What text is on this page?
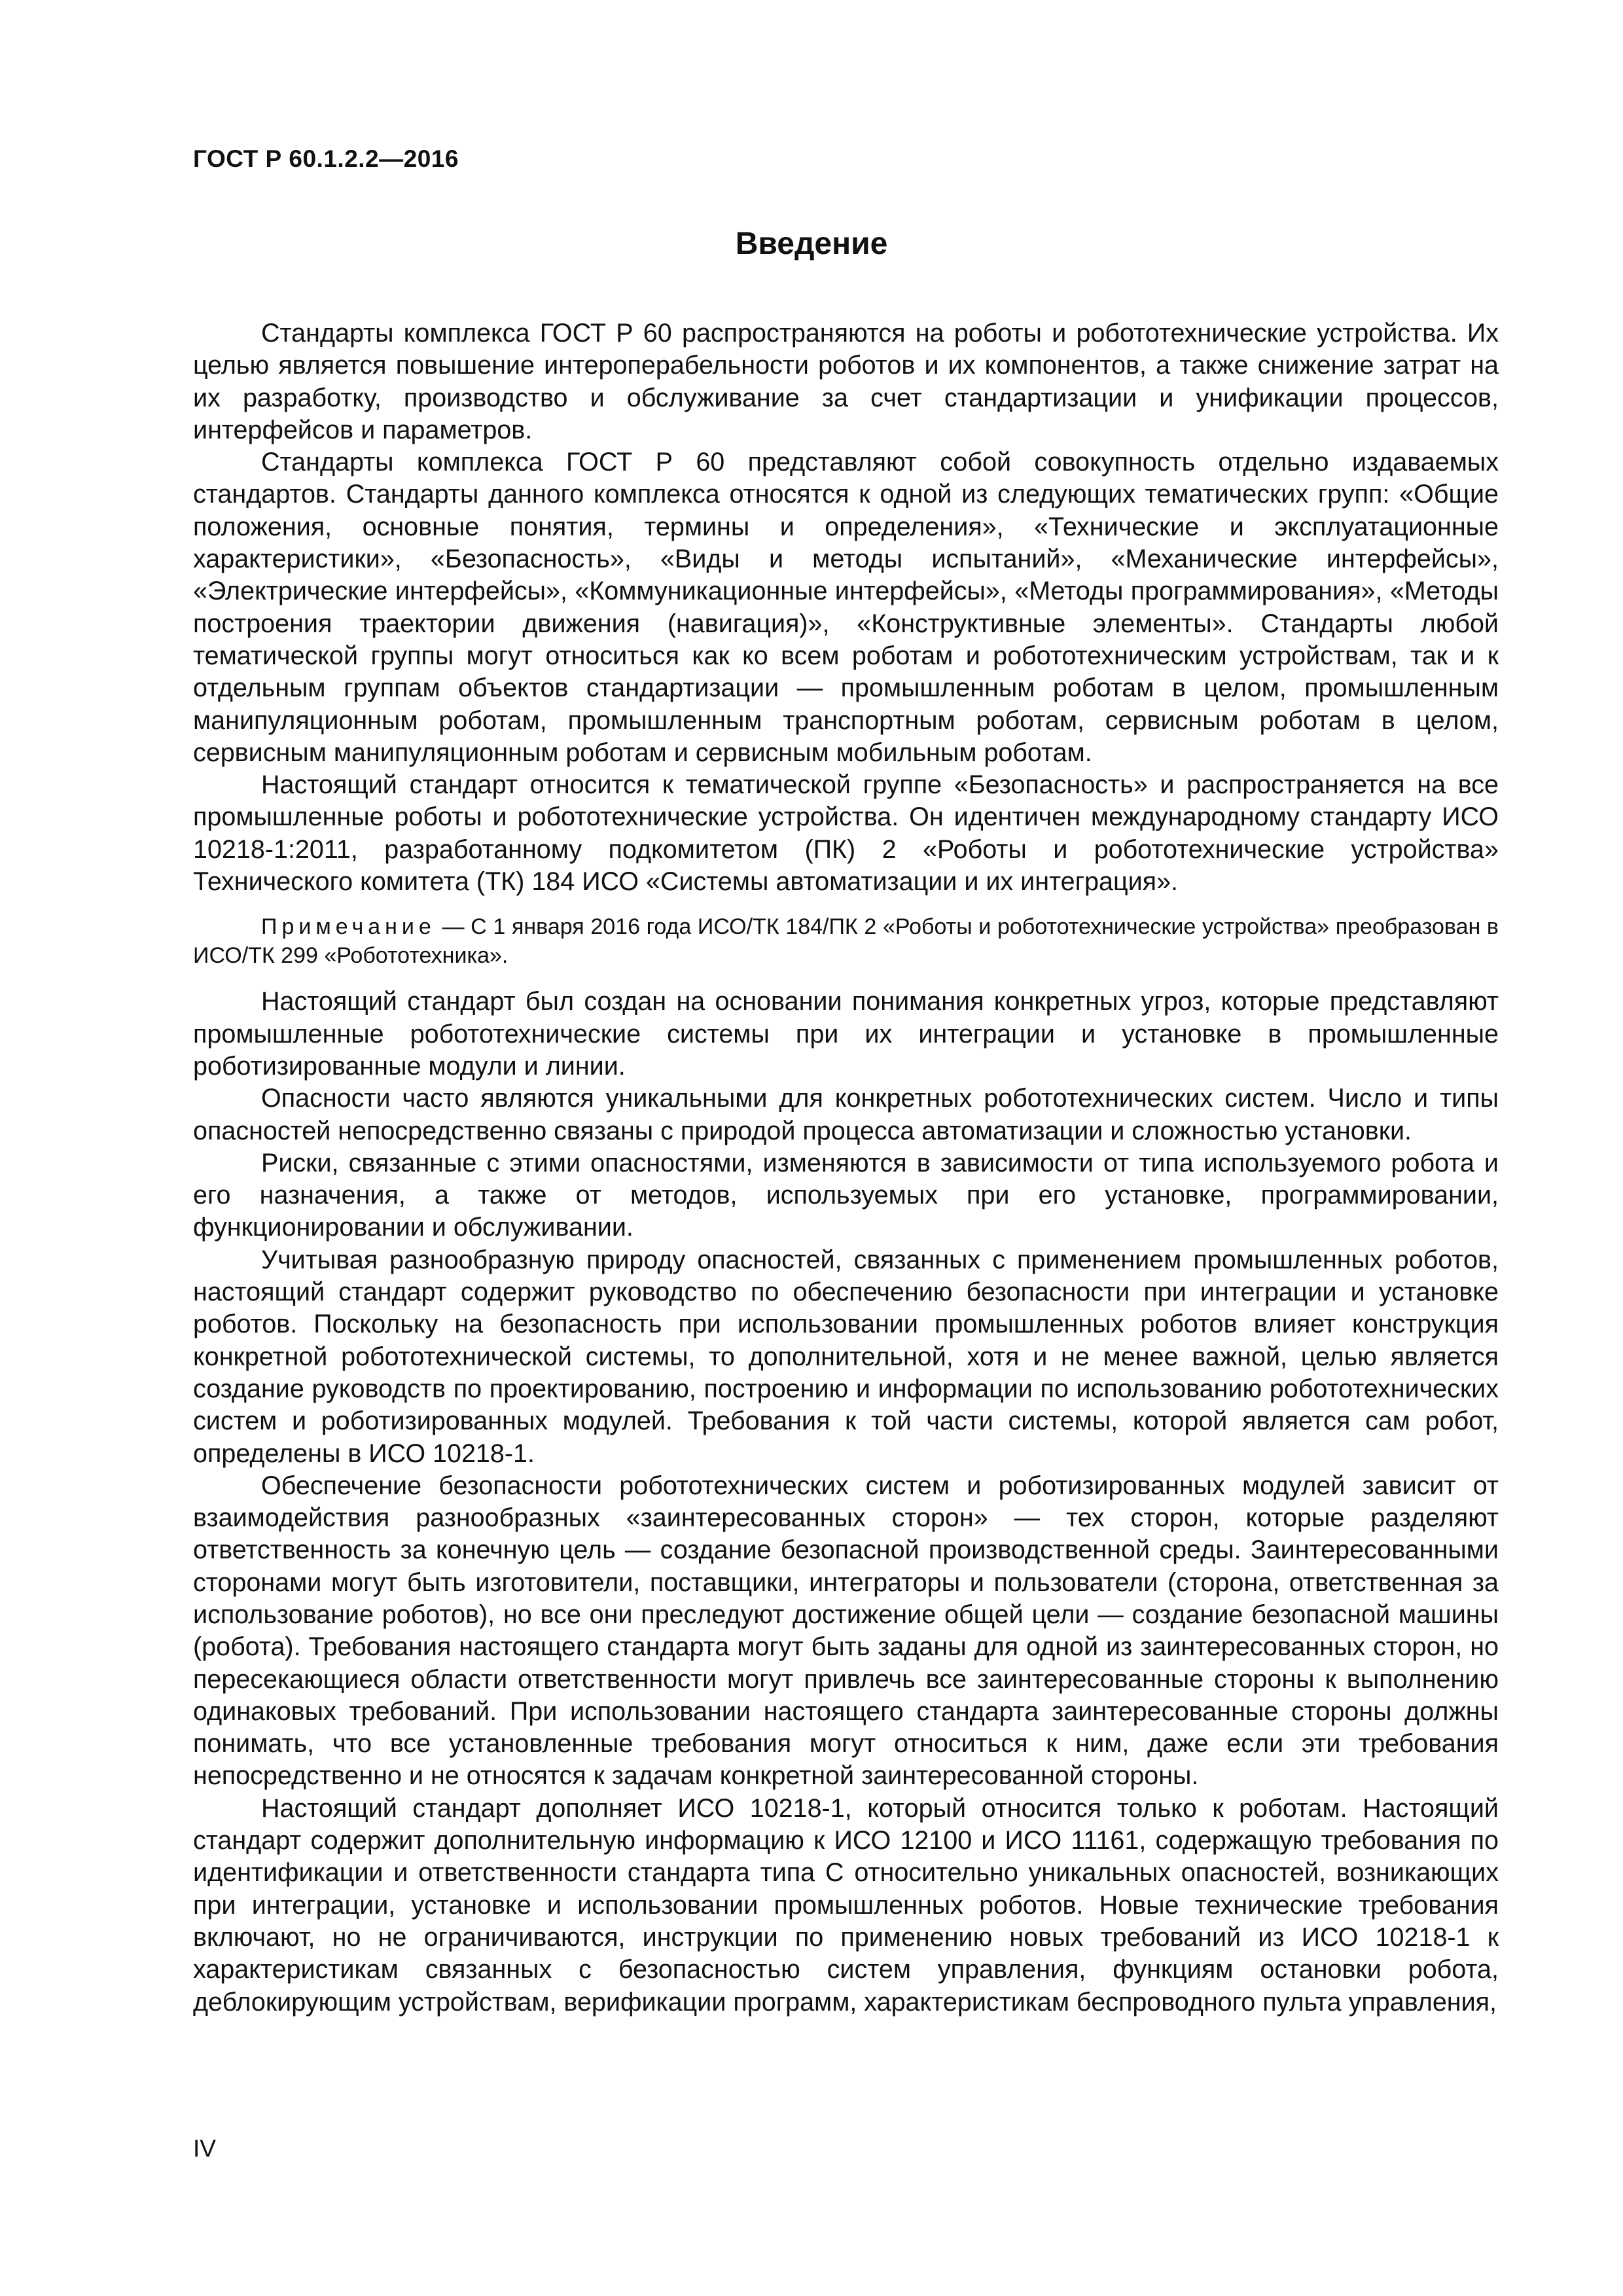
ГОСТ Р 60.1.2.2—2016
Введение

Стандарты комплекса ГОСТ Р 60 распространяются на роботы и робототехнические устройства. Их целью является повышение интероперабельности роботов и их компонентов, а также снижение затрат на их разработку, производство и обслуживание за счет стандартизации и унификации процессов, интерфейсов и параметров.

Стандарты комплекса ГОСТ Р 60 представляют собой совокупность отдельно издаваемых стандартов. Стандарты данного комплекса относятся к одной из следующих тематических групп: «Общие положения, основные понятия, термины и определения», «Технические и эксплуатационные характеристики», «Безопасность», «Виды и методы испытаний», «Механические интерфейсы», «Электрические интерфейсы», «Коммуникационные интерфейсы», «Методы программирования», «Методы построения траектории движения (навигация)», «Конструктивные элементы». Стандарты любой тематической группы могут относиться как ко всем роботам и робототехническим устройствам, так и к отдельным группам объектов стандартизации — промышленным роботам в целом, промышленным манипуляционным роботам, промышленным транспортным роботам, сервисным роботам в целом, сервисным манипуляционным роботам и сервисным мобильным роботам.

Настоящий стандарт относится к тематической группе «Безопасность» и распространяется на все промышленные роботы и робототехнические устройства. Он идентичен международному стандарту ИСО 10218-1:2011, разработанному подкомитетом (ПК) 2 «Роботы и робототехнические устройства» Технического комитета (ТК) 184 ИСО «Системы автоматизации и их интеграция».

Примечание — С 1 января 2016 года ИСО/ТК 184/ПК 2 «Роботы и робототехнические устройства» преобразован в ИСО/ТК 299 «Робототехника».

Настоящий стандарт был создан на основании понимания конкретных угроз, которые представляют промышленные робототехнические системы при их интеграции и установке в промышленные роботизированные модули и линии.

Опасности часто являются уникальными для конкретных робототехнических систем. Число и типы опасностей непосредственно связаны с природой процесса автоматизации и сложностью установки.

Риски, связанные с этими опасностями, изменяются в зависимости от типа используемого робота и его назначения, а также от методов, используемых при его установке, программировании, функционировании и обслуживании.

Учитывая разнообразную природу опасностей, связанных с применением промышленных роботов, настоящий стандарт содержит руководство по обеспечению безопасности при интеграции и установке роботов. Поскольку на безопасность при использовании промышленных роботов влияет конструкция конкретной робототехнической системы, то дополнительной, хотя и не менее важной, целью является создание руководств по проектированию, построению и информации по использованию робототехнических систем и роботизированных модулей. Требования к той части системы, которой является сам робот, определены в ИСО 10218-1.

Обеспечение безопасности робототехнических систем и роботизированных модулей зависит от взаимодействия разнообразных «заинтересованных сторон» — тех сторон, которые разделяют ответственность за конечную цель — создание безопасной производственной среды. Заинтересованными сторонами могут быть изготовители, поставщики, интеграторы и пользователи (сторона, ответственная за использование роботов), но все они преследуют достижение общей цели — создание безопасной машины (робота). Требования настоящего стандарта могут быть заданы для одной из заинтересованных сторон, но пересекающиеся области ответственности могут привлечь все заинтересованные стороны к выполнению одинаковых требований. При использовании настоящего стандарта заинтересованные стороны должны понимать, что все установленные требования могут относиться к ним, даже если эти требования непосредственно и не относятся к задачам конкретной заинтересованной стороны.

Настоящий стандарт дополняет ИСО 10218-1, который относится только к роботам. Настоящий стандарт содержит дополнительную информацию к ИСО 12100 и ИСО 11161, содержащую требования по идентификации и ответственности стандарта типа С относительно уникальных опасностей, возникающих при интеграции, установке и использовании промышленных роботов. Новые технические требования включают, но не ограничиваются, инструкции по применению новых требований из ИСО 10218-1 к характеристикам связанных с безопасностью систем управления, функциям остановки робота, деблокирующим устройствам, верификации программ, характеристикам беспроводного пульта управления,

IV
